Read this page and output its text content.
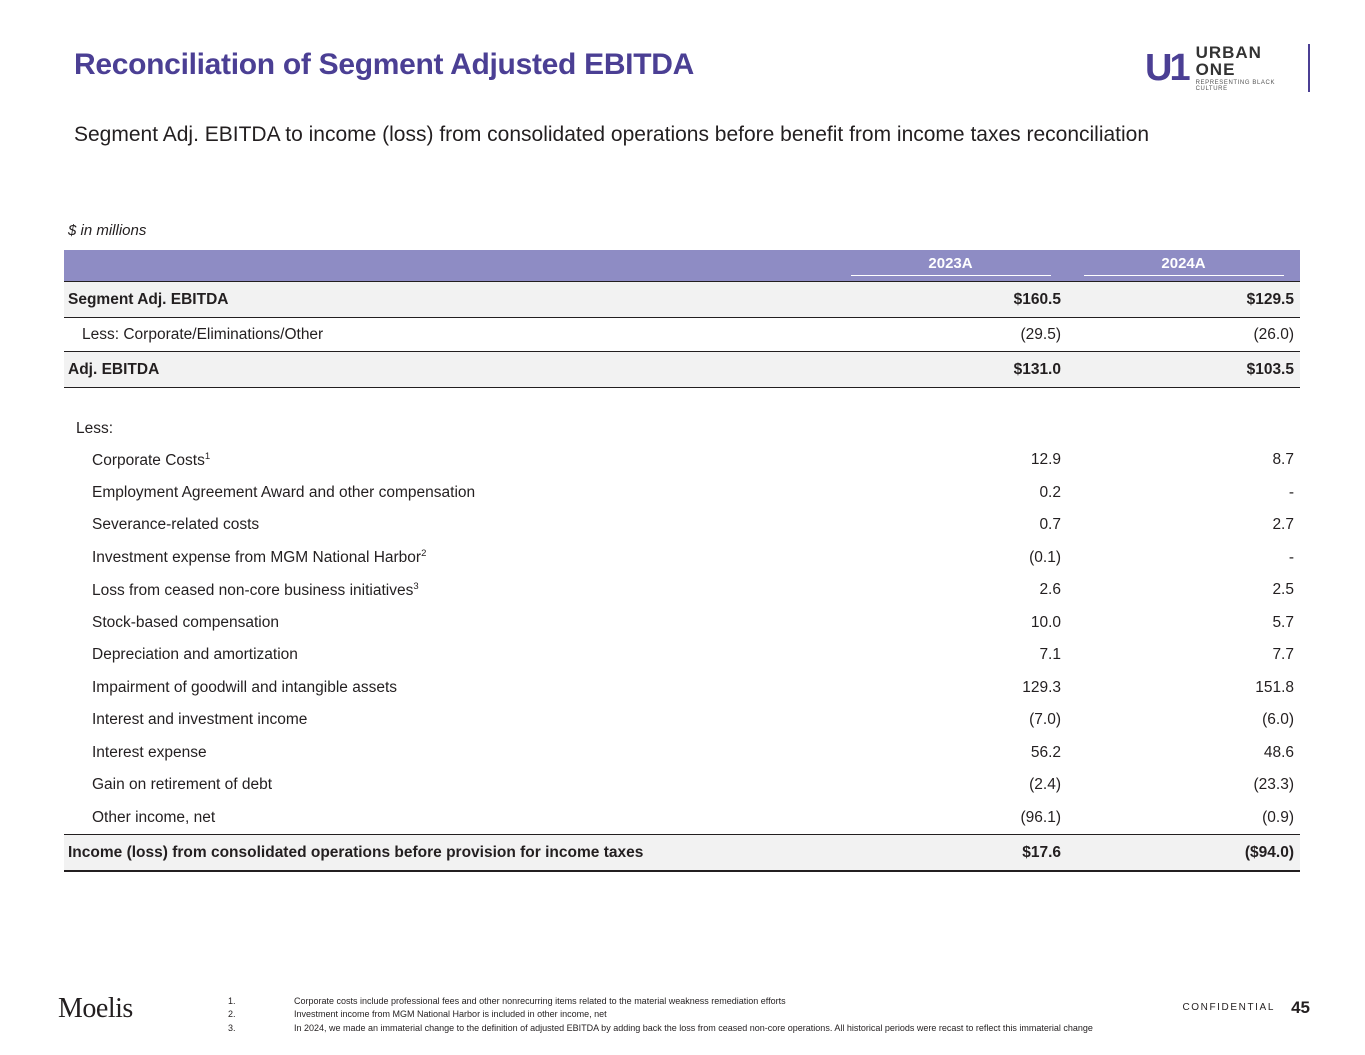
Reconciliation of Segment Adjusted EBITDA	U1 URBAN ONE
REPRESENTING BLACK CULTURE
Segment Adj. EBITDA to income (loss) from consolidated operations before benefit from income taxes reconciliation
$ in millions
	2023A	2024A
Segment Adj. EBITDA	$160.5	$129.5
Less: Corporate/Eliminations/Other	(29.5)	(26.0)
Adj. EBITDA	$131.0	$103.5

Less:		
Corporate Costs$^1$	12.9	8.7
Employment Agreement Award and other compensation	0.2	-
Severance-related costs	0.7	2.7
Investment expense from MGM National Harbor$^2$	(0.1)	-
Loss from ceased non-core business initiatives$^3$	2.6	2.5
Stock-based compensation	10.0	5.7
Depreciation and amortization	7.1	7.7
Impairment of goodwill and intangible assets	129.3	151.8
Interest and investment income	(7.0)	(6.0)
Interest expense	56.2	48.6
Gain on retirement of debt	(2.4)	(23.3)
Other income, net	(96.1)	(0.9)
Income (loss) from consolidated operations before provision for income taxes	$17.6	($94.0)
Moelis	1.	Corporate costs include professional fees and other nonrecurring items related to the material weakness remediation efforts
2.	Investment income from MGM National Harbor is included in other income, net
3.	In 2024, we made an immaterial change to the definition of adjusted EBITDA by adding back the loss from ceased non-core operations. All historical periods were recast to reflect this immaterial change
CONFIDENTIAL 45
